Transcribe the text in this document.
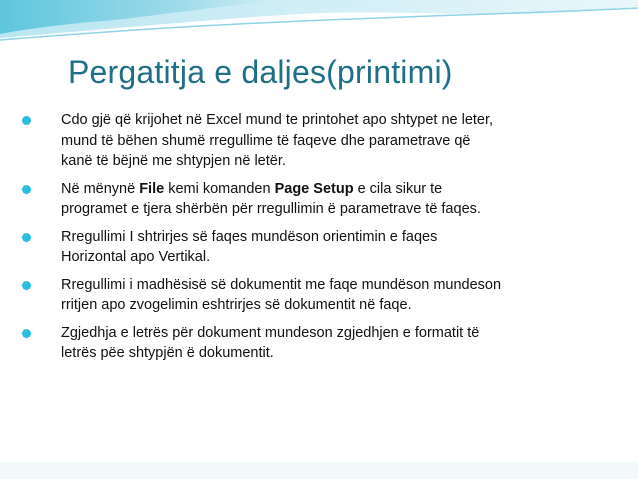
Pergatitja e daljes(printimi)
Cdo gjë që krijohet në Excel mund te printohet apo shtypet ne leter,
mund të bëhen shumë rregullime të faqeve dhe parametrave që
kanë të bëjnë me shtypjen në letër.
Në mënynë File kemi komanden Page Setup e cila sikur te
programet e tjera shërbën për rregullimin ë parametrave të faqes.
Rregullimi I shtrirjes së faqes mundëson orientimin e faqes
Horizontal apo Vertikal.
Rregullimi i madhësisë së dokumentit me faqe mundëson mundeson
rritjen apo zvogelimin eshtrirjes së dokumentit në faqe.
Zgjedhja e letrës për dokument mundeson zgjedhjen e formatit të
letrës pëe shtypjën ë dokumentit.
